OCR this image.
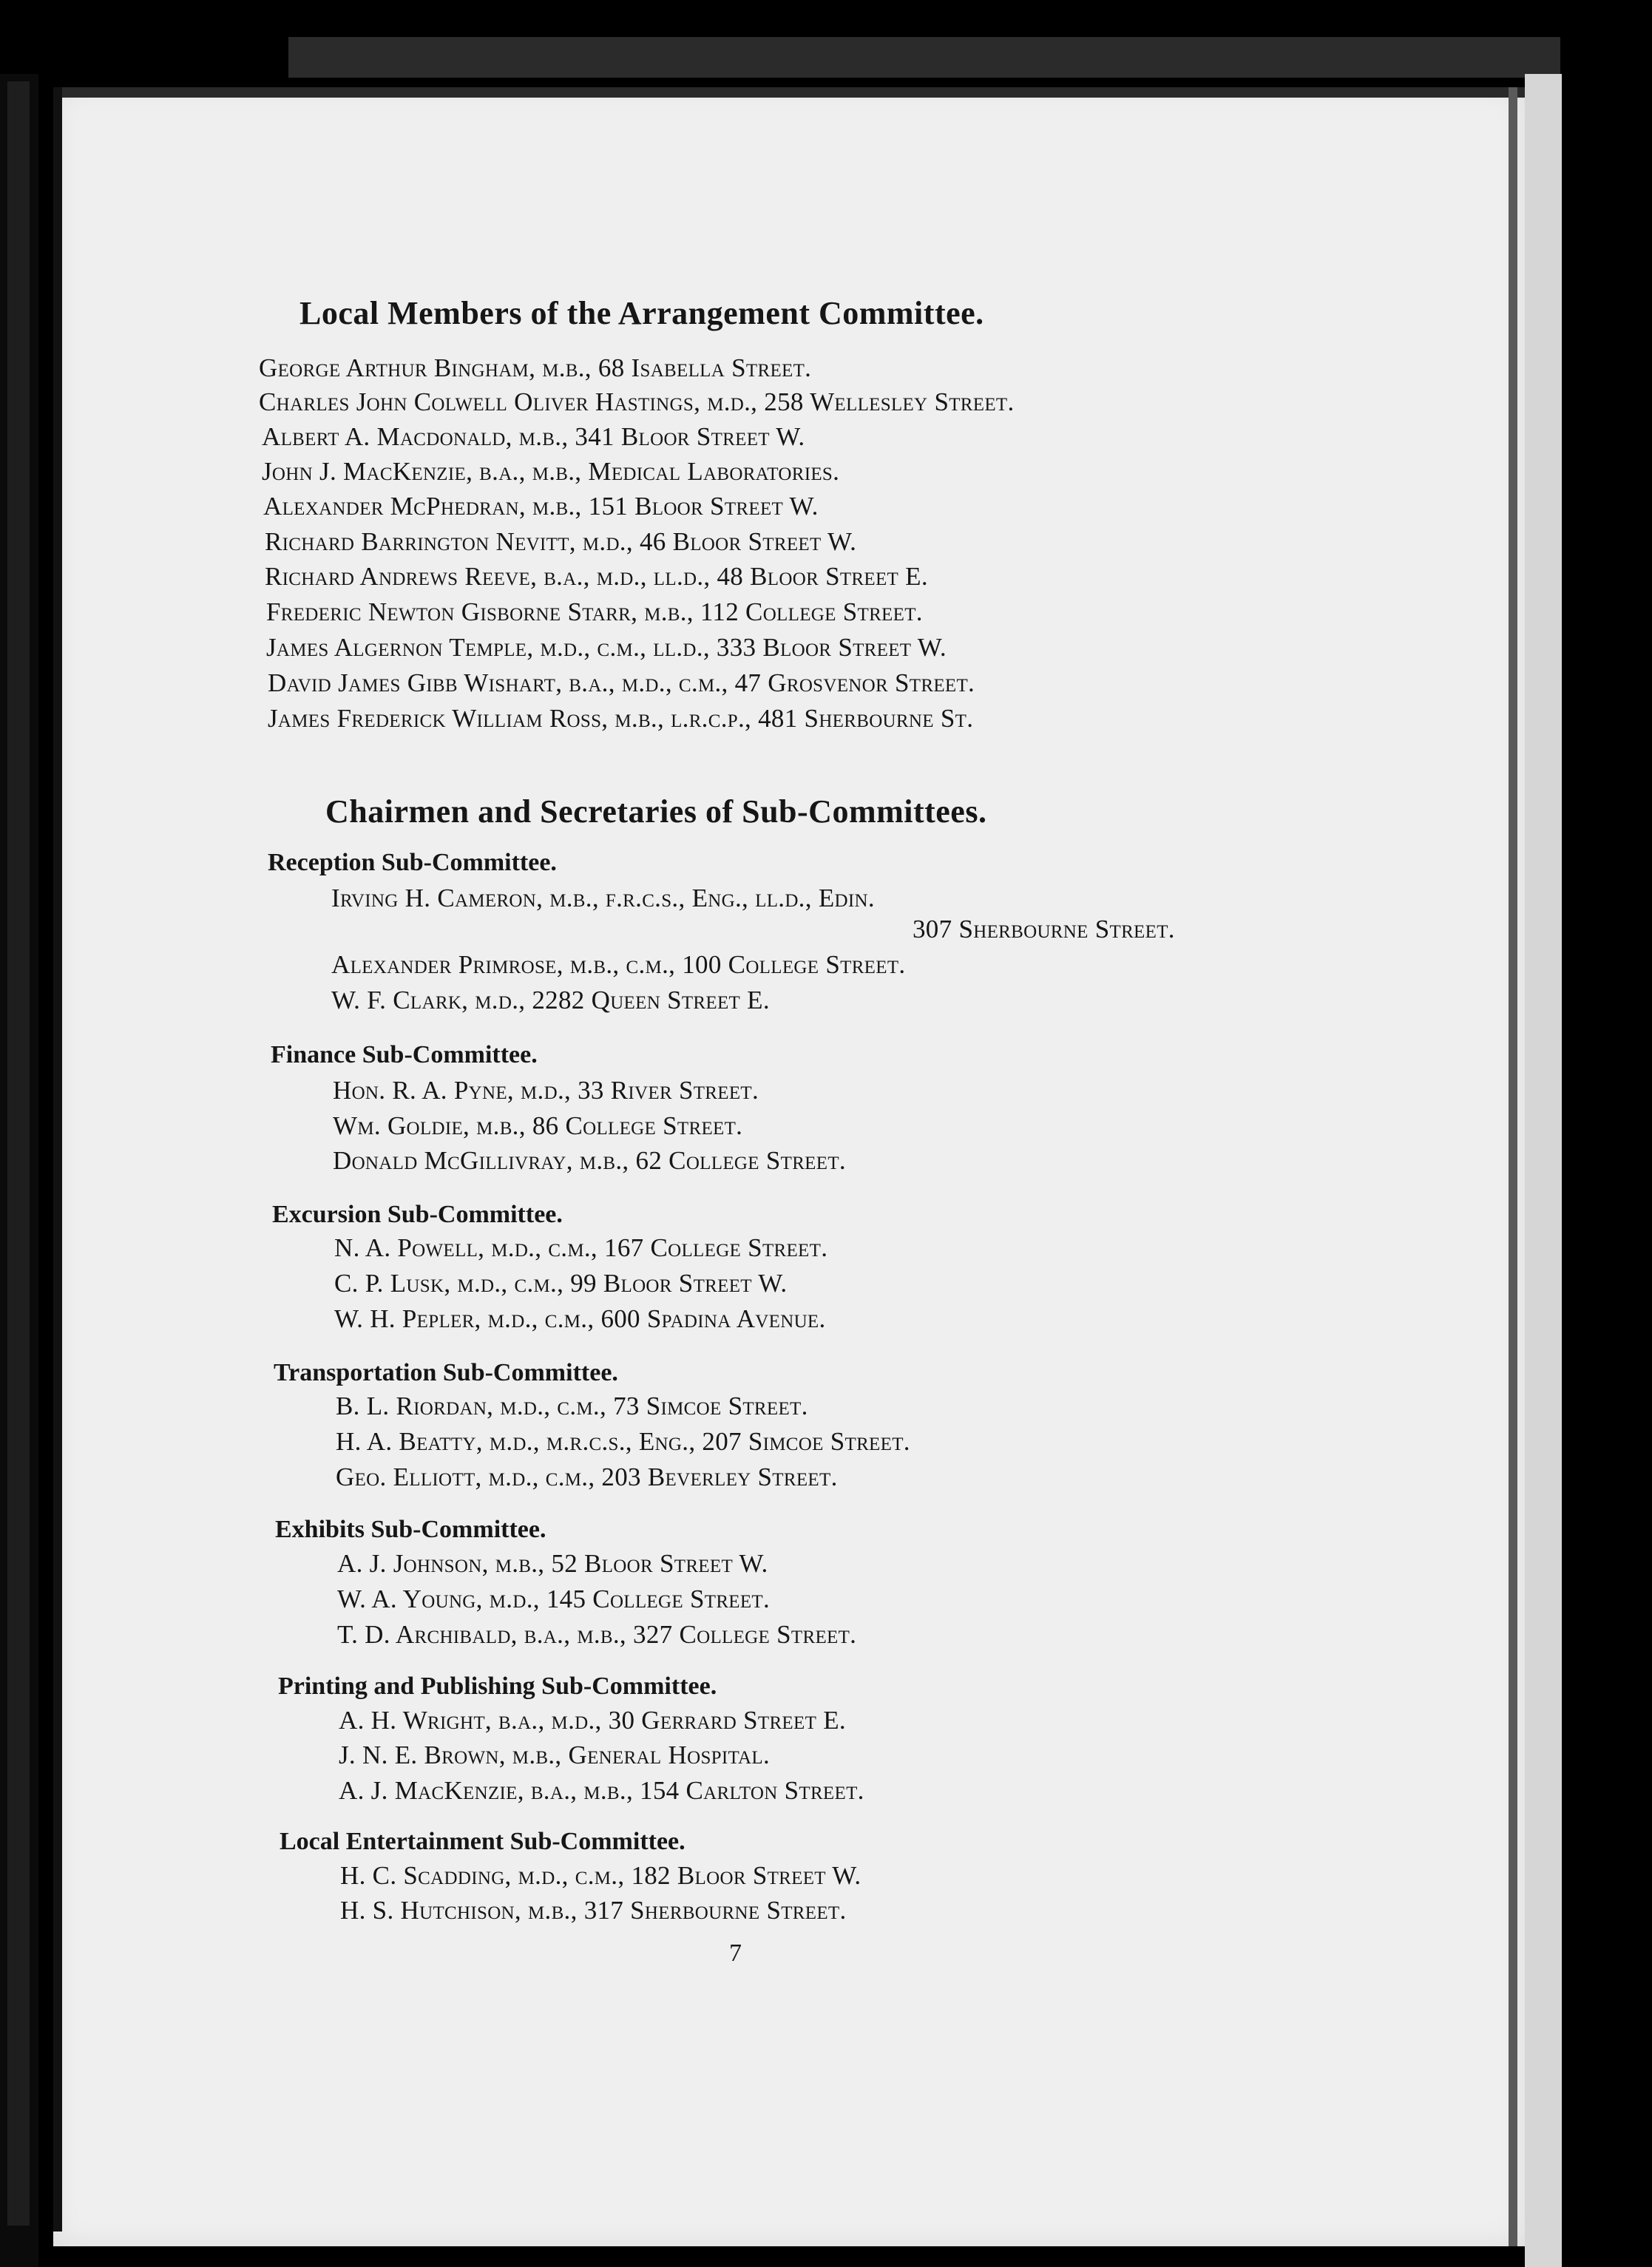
Local Members of the Arrangement Committee.
George Arthur Bingham, m.b., 68 Isabella Street.
Charles John Colwell Oliver Hastings, m.d., 258 Wellesley Street.
Albert A. Macdonald, m.b., 341 Bloor Street W.
John J. MacKenzie, b.a., m.b., Medical Laboratories.
Alexander McPhedran, m.b., 151 Bloor Street W.
Richard Barrington Nevitt, m.d., 46 Bloor Street W.
Richard Andrews Reeve, b.a., m.d., ll.d., 48 Bloor Street E.
Frederic Newton Gisborne Starr, m.b., 112 College Street.
James Algernon Temple, m.d., c.m., ll.d., 333 Bloor Street W.
David James Gibb Wishart, b.a., m.d., c.m., 47 Grosvenor Street.
James Frederick William Ross, m.b., l.r.c.p., 481 Sherbourne St.
Chairmen and Secretaries of Sub-Committees.
Reception Sub-Committee.
Irving H. Cameron, m.b., f.r.c.s., Eng., ll.d., Edin.
307 Sherbourne Street.
Alexander Primrose, m.b., c.m., 100 College Street.
W. F. Clark, m.d., 2282 Queen Street E.
Finance Sub-Committee.
Hon. R. A. Pyne, m.d., 33 River Street.
Wm. Goldie, m.b., 86 College Street.
Donald McGillivray, m.b., 62 College Street.
Excursion Sub-Committee.
N. A. Powell, m.d., c.m., 167 College Street.
C. P. Lusk, m.d., c.m., 99 Bloor Street W.
W. H. Pepler, m.d., c.m., 600 Spadina Avenue.
Transportation Sub-Committee.
B. L. Riordan, m.d., c.m., 73 Simcoe Street.
H. A. Beatty, m.d., m.r.c.s., Eng., 207 Simcoe Street.
Geo. Elliott, m.d., c.m., 203 Beverley Street.
Exhibits Sub-Committee.
A. J. Johnson, m.b., 52 Bloor Street W.
W. A. Young, m.d., 145 College Street.
T. D. Archibald, b.a., m.b., 327 College Street.
Printing and Publishing Sub-Committee.
A. H. Wright, b.a., m.d., 30 Gerrard Street E.
J. N. E. Brown, m.b., General Hospital.
A. J. MacKenzie, b.a., m.b., 154 Carlton Street.
Local Entertainment Sub-Committee.
H. C. Scadding, m.d., c.m., 182 Bloor Street W.
H. S. Hutchison, m.b., 317 Sherbourne Street.
7
